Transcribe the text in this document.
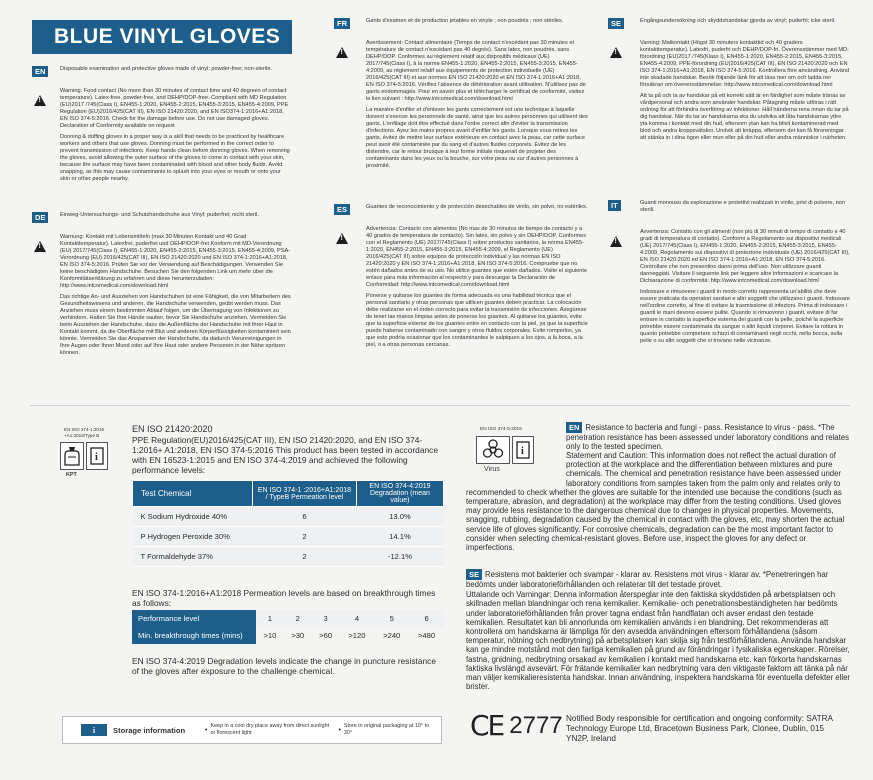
BLUE VINYL GLOVES
EN	Disposable examination and protective gloves made of vinyl; powder-free; non-sterile.

!

Warning: Food contact (No more than 30 minutes of contact time and 40 degrees of contact temperature). Latex-free, powder-free, and DEHP/DOP-free. Compliant with MD Regulation (EU)2017 /745(Class I), EN455-1:2020, EN455-2:2015, EN455-3:2015, EN455-4:2009, PPE Regulation (EU)2016/425(CAT III), EN ISO 21420:2020, and EN ISO374-1:2016+A1:2018, EN ISO 374-5:2016. Check for the damage before use. Do not use damaged gloves. Declaration of Conformity available on request

Donning & doffing gloves in a proper way is a skill that needs to be practiced by healthcare workers and others that use gloves. Donning must be performed in the correct order to prevent transmission of infections. Keep hands clean before donning gloves. When removing the gloves, avoid allowing the outer surface of the gloves to come in contact with your skin, because the surface may have been contaminated with blood and other body fluids. Avoid snapping, as this may cause contaminants to splash into your eyes or mouth or onto your skin or other people nearby.

DE	Einweg-Untersuchungs- und Schutzhandschuhe aus Vinyl; puderfrei; nicht steril.

!

Warnung: Kontakt mit Lebensmitteln (max 30 Minuten Kontakt und 40 Grad Kontakttemperatur). Latexfrei, puderfrei und DEHP/DOP-frei Konform mit MD-Verordnung (EU) 2017/745(Class I), EN455-1:2020, EN455-2:2015, EN455-3:2015, EN455-4:2009, PSA-Verordnung (EU) 2016/425(CAT III), EN ISO 21420:2020 und EN ISO 374-1:2016+A1:2018, EN ISO 374-5:2016. Prüfen Sie vor der Verwendung auf Beschädigungen. Verwenden Sie keine beschädigten Handschuhe. Besuchen Sie den folgenden Link um mehr über die Konformitätserklärung zu erfahren und diese herunterzuladen: http://www.intcomedical.com/download.html

Das richtige An- und Ausziehen von Handschuhen ist eine Fähigkeit, die von Mitarbeitern des Gesundheitswesens und anderen, die Handschuhe verwenden, geübt werden muss. Das Anziehen muss einem bestimmten Ablauf folgen, um die Übertragung von Infektionen zu verhindern. Halten Sie Ihre Hände sauber, bevor Sie Handschuhe anziehen. Vermeiden Sie beim Ausziehen der Handschuhe, dass die Außenfläche der Handschuhe mit Ihrer Haut in Kontakt kommt, da die Oberfläche mit Blut und anderen Körperflüssigkeiten kontaminiert sein könnte. Vermeiden Sie das Anspannen der Handschuhe, da dadurch Verunreinigungen in Ihre Augen oder Ihren Mund oder auf Ihre Haut oder andere Personen in der Nähe spritzen können.

FR	Gants d'examen et de production jetables en vinyle ; non poudrés ; non stériles.

!

Avertissement: Contact alimentaire (Temps de contact n'excédant pas 30 minutes et température de contact n'excédant pas 40 degrés). Sans latex, non poudrés, sans DEHP/DOP. Conformes au règlement relatif aux dispositifs médicaux (UE) 2017/745(Class I), à la norme EN455-1:2020, EN455-2:2015, EN455-3:2015, EN455-4:2009, au règlement relatif aux équipements de protection individuelle (UE) 2016/425(CAT III) et aux normes EN ISO 21420:2020 et EN ISO 374-1:2016+A1:2018, EN ISO 374-5:2016. Vérifiez l'absence de détérioration avant utilisation. N'utilisez pas de gants endommagés. Pour en savoir plus et télécharger le certificat de conformité, visitez le lien suivant : http://www.intcomedical.com/download.html

La manière d'enfiler et d'enlever les gants correctement est une technique à laquelle doivent s'exercer les personnels de santé, ainsi que les autres personnes qui utilisent des gants. L'enfilage doit être effectué dans l'ordre correct afin d'éviter la transmission d'infections. Ayez les mains propres avant d'enfiler les gants. Lorsque vous retirez les gants, évitez de mettre leur surface extérieure en contact avec la peau, car cette surface peut avoir été contaminée par du sang et d'autres fluides corporels. Évitez de les distendre, car le retour brusque à leur forme initiale risquerait de projeter des contaminants dans les yeux ou la bouche, sur votre peau ou sur d'autres personnes à proximité.

ES	Guantes de reconocimiento y de protección desechables de vinilo, sin polvo, no estériles.

!

Advertencia: Contacto con alimentos (No mas de 30 minutos de tiempo de contacto y a 40 grados de temperatura de contacto). Sin latex, sin polvo y sin DEHP/DOP. Conformes con el Reglamento (UE) 2017/745(Class I) sobre productos sanitarios, la norma EN455-1:2020, EN455-2:2015, EN455-3:2015, EN455-4:2009, el Reglamento (UE) 2016/425(CAT III) sobre equipos de protección individual y las normas EN ISO 21420:2020 y EN ISO 374-1:2016+A1:2018, EN ISO 374-5:2016. Compruebe que no estén dañados antes de su uso. No utilice guantes que estén dañados. Visite el siguiente enlace para más información al respecto y para descargar la Declaración de Conformidad: http://www.intcomedical.com/download.html

Ponerse y quitarse los guantes de forma adecuada es una habilidad técnica que el personal sanitario y otras personas que utilicen guantes deben practicar. La colocación debe realizarse en el orden correcto para evitar la transmisión de infecciones. Asegúrese de tener las manos limpias antes de ponerse los guantes. Al quitarse los guantes, evite que la superficie exterior de los guantes entre en contacto con la piel, ya que la superficie puede haberse contaminado con sangre y otros fluidos corporales. Evite romperlos, ya que esto podría ocasionar que los contaminantes le salpiquen a los ojos, a la boca, a la piel, o a otras personas cercanas.

SE	Engångsundersökning och skyddshandskar gjorda av vinyl; puderfri; icke steril.

!

Varning: Matkontakt (Högst 30 minuters kontakttid och 40 graders kontakttemperatur). Latexfri, puderfri och DEHP/DOP-fri. Överensstämmer med MD-förordning (EU)2017 /745(Klass I), EN455-1:2020, EN455-2:2015, EN455-3:2015, EN455-4:2009, PPE-förordning (EU)2016/425(CAT III), EN ISO 21420:2020 och EN ISO 374-1:2016+A1:2018, EN ISO 374-5:2016. Kontrollera före användning. Använd inte skadade handskar. Besök följande länk för att läsa mer om och ladda ner försäkran om överensstämmelse: http://www.intcomedical.com/download.html

Att ta på och ta av handskar på ett korrekt sätt är en färdighet som måste tränas av vårdpersonal och andra som använder handskar. Påtagning måste utföras i rätt ordning för att förhindra överföring av infektioner. Håll händerna rena innan du tar på dig handskar. När du tar av handskarna ska du undvika att låta handskarnas yttre yta komma i kontakt med din hud, eftersom ytan kan ha blivit kontaminerad med blod och andra kroppsvätskor. Undvik att knäppa, eftersom det kan få föroreningar att stänka in i dina ögon eller mun eller på din hud eller andra människor i närheten.

IT	Guanti monouso da esplorazione e protettivi realizzati in vinile, privi di polvere, non sterili.

!

Avvertenza: Contatto con gli alimenti (non più di 30 minuti di tempo di contatto e 40 gradi di temperatura di contatto). Conformi a Regolamento sui dispositivi medicali (UE) 2017/745(Class I), EN455-1:2020, EN455-2:2015, EN455-3:2015, EN455-4:2009, Regolamento sui dispositivi di protezione individuale (UE) 2016/425(CAT III), EN ISO 21420:2020 ed EN ISO 374-1:2016+A1:2018, EN ISO 374-5:2016. Controllare che non presentino danni prima dell'uso. Non utilizzare guanti danneggiati. Visitare il seguente link per leggere altre informazioni e scaricare la Dichiarazione di conformità: http://www.intcomedical.com/download.html

Indossare e rimuovere i guanti in modo corretto rappresenta un'abilità che deve essere praticata da operatori sanitari e altri soggetti che utilizzano i guanti. Indossare nell'ordine corretto, al fine di evitare la trasmissione di infezioni. Prima di indossare i guanti le mani devono essere pulite. Quando si rimuovono i guanti, evitare di far entrare in contatto la superficie esterna dei guanti con la pelle, poiché la superficie potrebbe essere contaminata da sangue o altri liquidi corporei. Evitare la rottura in quanto potrebbe comportare schizzi di contaminanti negli occhi, nella bocca, sulla pelle o su altri soggetti che si trovano nelle vicinanze.

EN ISO 374-1:2016 +A1:2018/Type B
i
KPT
EN ISO 21420:2020
PPE Regulation(EU)2016/425(CAT III), EN ISO 21420:2020, and EN ISO 374-1:2016+ A1:2018, EN ISO 374-5:2016 This product has been tested in accordance with EN 16523-1:2015 and EN ISO 374-4:2019 and achieved the following performance levels:
Test Chemical	EN ISO 374-1 :2016+A1:2018 / TypeB Permeation level	EN ISO 374-4:2019 Degradation (mean value)
K Sodium Hydroxide 40%	6	13.0%
P Hydrogen Peroxide 30%	2	14.1%
T Formaldehyde 37%	2	-12.1%
EN ISO 374-1:2016+A1:2018 Permeation levels are based on breakthrough times as follows:
Performance level	1	2	3	4	5	6
Min. breakthrough times (mins)	>10	>30	>60	>120	>240	>480
EN ISO 374-4:2019 Degradation levels indicate the change in puncture resistance of the gloves after exposure to the challenge chemical.
EN ISO 374-5:2016
i
Virus
EN Resistance to bacteria and fungi - pass. Resistance to virus - pass. *The penetration resistance has been assessed under laboratory conditions and relates only to the tested specimen.
Statement and Caution: This information does not reflect the actual duration of protection at the workplace and the differentiation between mixtures and pure chemicals. The chemical and penetration resistance have been assessed under laboratory conditions from samples taken from the palm only and relates only to
recommended to check whether the gloves are suitable for the intended use because the conditions (such as temperature, abrasion, and degradation) at the workplace may differ from the testing conditions. Used gloves may provide less resistance to the dangerous chemical due to changes in physical properties. Movements, snagging, rubbing, degradation caused by the chemical in contact with the gloves, etc, may shorten the actual service life of gloves significantly. For corrosive chemicals, degradation can be the most important factor to consider when selecting chemical-resistant gloves. Before use, inspect the gloves for any defect or imperfections.
SE Resistens mot bakterier och svampar - klarar av. Resistens mot virus - klarar av. *Penetreringen har bedömts under laboratorieförhållanden och relaterar till det testade provet.
Uttalande och Varningar: Denna information återspeglar inte den faktiska skyddstiden på arbetsplatsen och skillnaden mellan blandningar och rena kemikalier. Kemikalie- och penetrationsbeständigheten har bedömts under laboratorieförhållanden från prover tagna endast från handflatan och avser endast den testade kemikalien. Resultatet kan bli annorlunda om kemikalien används i en blandning. Det rekommenderas att kontrollera om handskarna är lämpliga för den avsedda användningen eftersom förhållandena (såsom temperatur, nötning och nedbrytning) på arbetsplatsen kan skilja sig från testförhållandena. Använda handskar kan ge mindre motstånd mot den farliga kemikalien på grund av förändringar i fysikaliska egenskaper. Rörelser, fastna, gnidning, nedbrytning orsakad av kemikalien i kontakt med handskarna etc. kan förkorta handskarnas faktiska livslängd avsevärt. För frätande kemikalier kan nedbrytning vara den viktigaste faktorn att tänka på när man väljer kemikalieresistenta handskar. Innan användning, inspektera handskarna för eventuella defekter eller brister.
i	Storage information	•
Keep in a cool dry place away from direct sunlight or florescent light	•
Store in original packaging at 10° to 30°	CE 2777 Notified Body responsible for certification and ongoing conformity: SATRA Technology Europe Ltd, Bracetown Business Park, Clonee, Dublin, 015 YN2P, Ireland
